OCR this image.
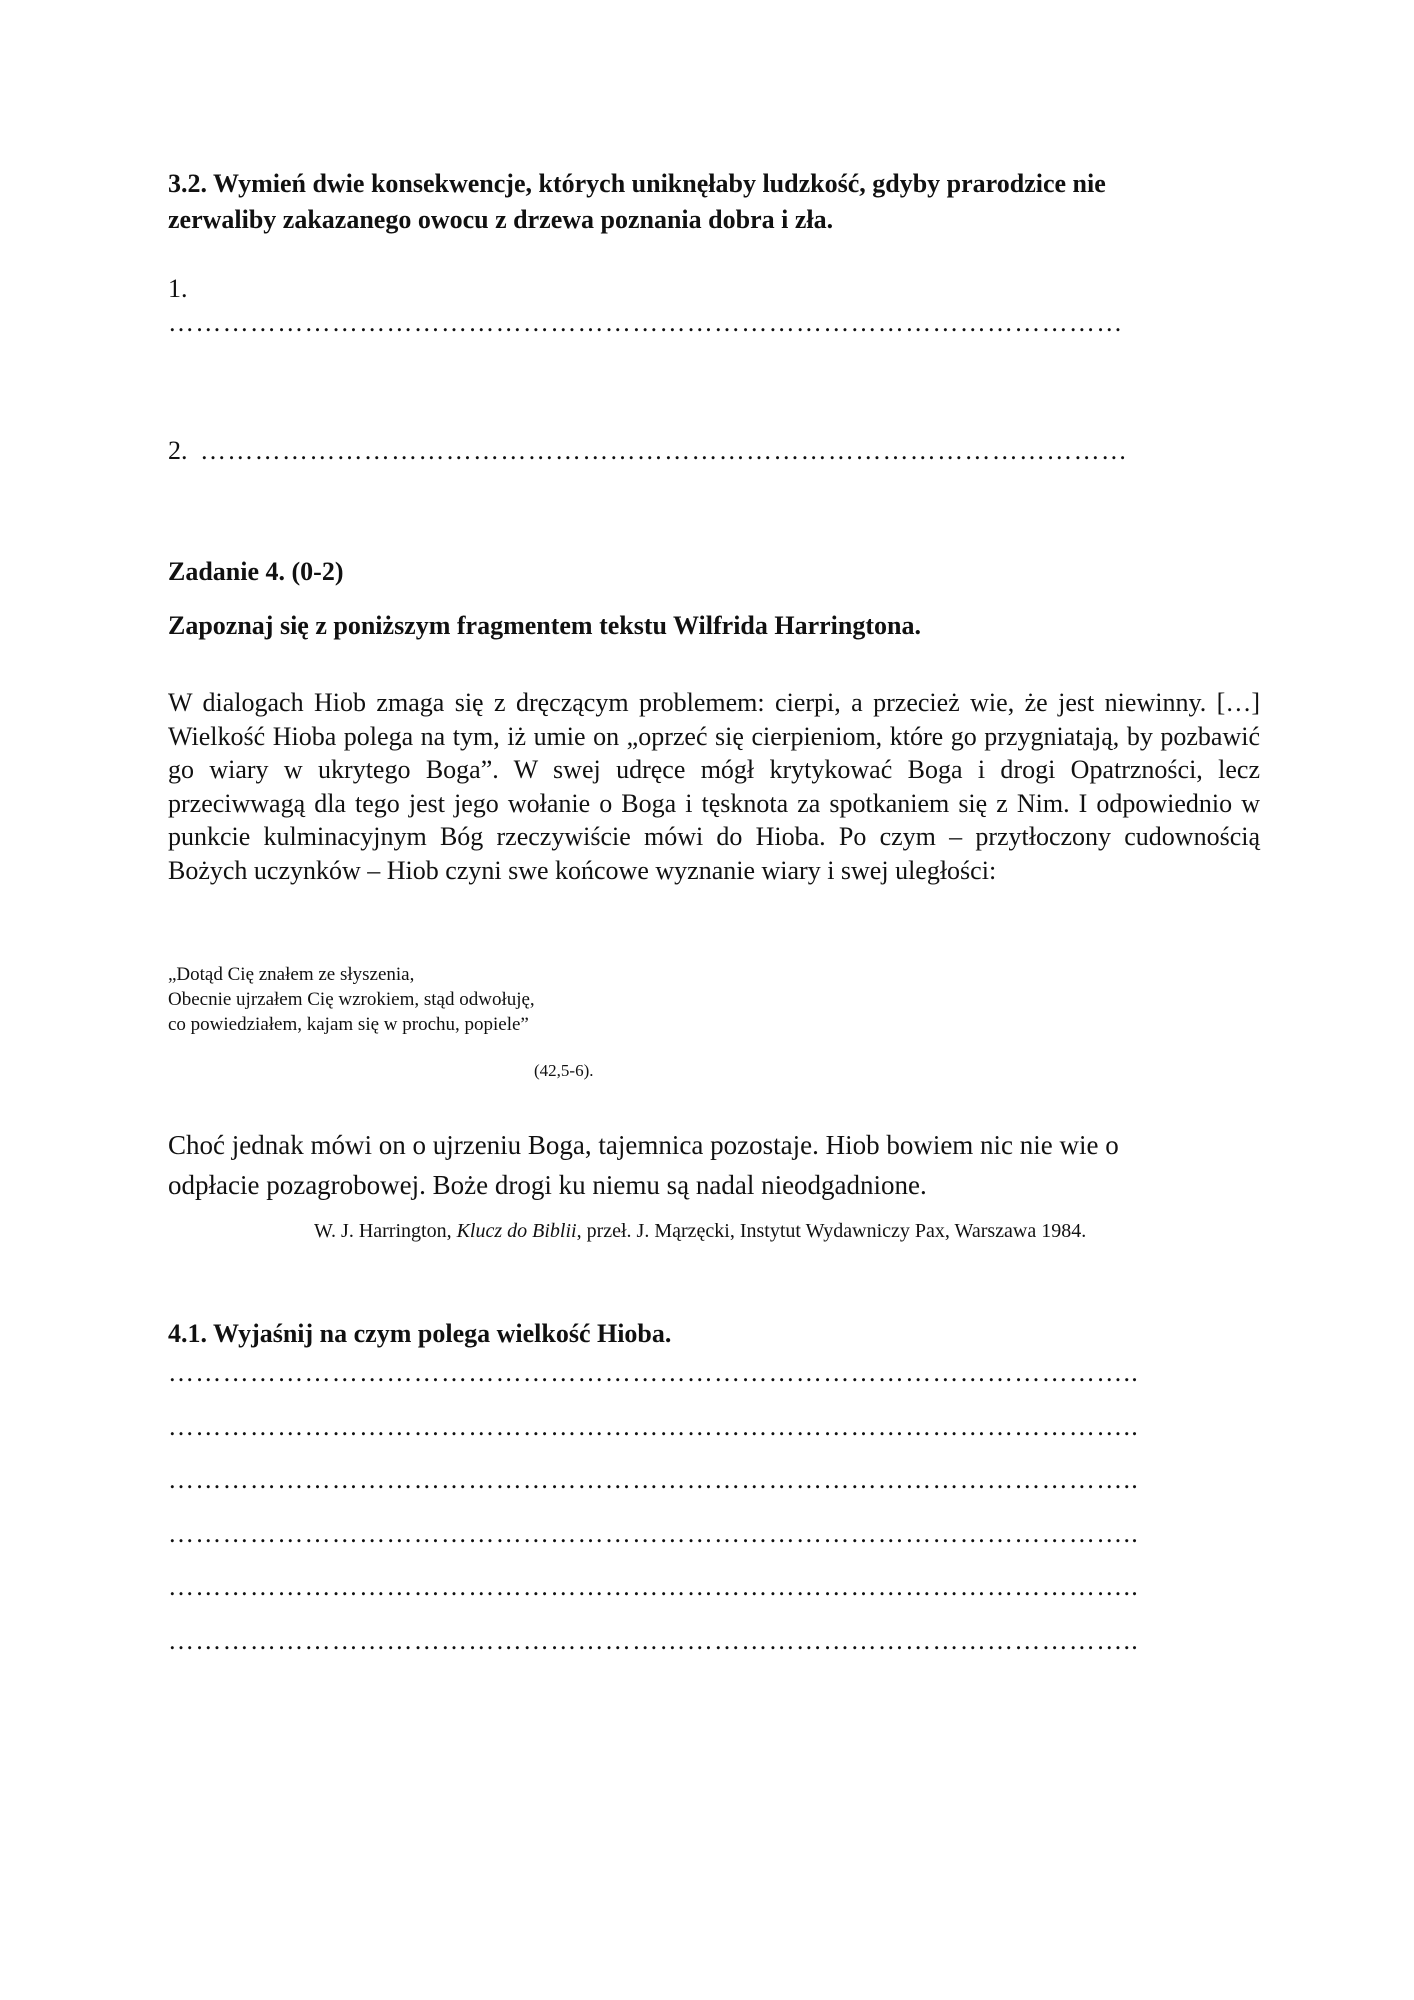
3.2. Wymień dwie konsekwencje, których uniknęłaby ludzkość, gdyby prarodzice nie
zerwaliby zakazanego owocu z drzewa poznania dobra i zła.
1.
……………………………………………………………………………………………
2. …………………………………………………………………………………………
Zadanie 4. (0-2)
Zapoznaj się z poniższym fragmentem tekstu Wilfrida Harringtona.

W dialogach Hiob zmaga się z dręczącym problemem: cierpi, a przecież wie, że jest niewinny. […] Wielkość Hioba polega na tym, iż umie on „oprzeć się cierpieniom, które go przygniatają, by pozbawić go wiary w ukrytego Boga”. W swej udręce mógł krytykować Boga i drogi Opatrzności, lecz przeciwwagą dla tego jest jego wołanie o Boga i tęsknota za spotkaniem się z Nim. I odpowiednio w punkcie kulminacyjnym Bóg rzeczywiście mówi do Hioba. Po czym – przytłoczony cudownością Bożych uczynków – Hiob czyni swe końcowe wyznanie wiary i swej uległości:

„Dotąd Cię znałem ze słyszenia,
Obecnie ujrzałem Cię wzrokiem, stąd odwołuję,
co powiedziałem, kajam się w prochu, popiele”
(42,5-6).
Choć jednak mówi on o ujrzeniu Boga, tajemnica pozostaje. Hiob bowiem nic nie wie o
odpłacie pozagrobowej. Boże drogi ku niemu są nadal nieodgadnione.
W. J. Harrington, Klucz do Biblii, przeł. J. Mąrzęcki, Instytut Wydawniczy Pax, Warszawa 1984.
4.1. Wyjaśnij na czym polega wielkość Hioba.
……………………………………………………………………………………………..
……………………………………………………………………………………………..
……………………………………………………………………………………………..
……………………………………………………………………………………………..
……………………………………………………………………………………………..
……………………………………………………………………………………………..
